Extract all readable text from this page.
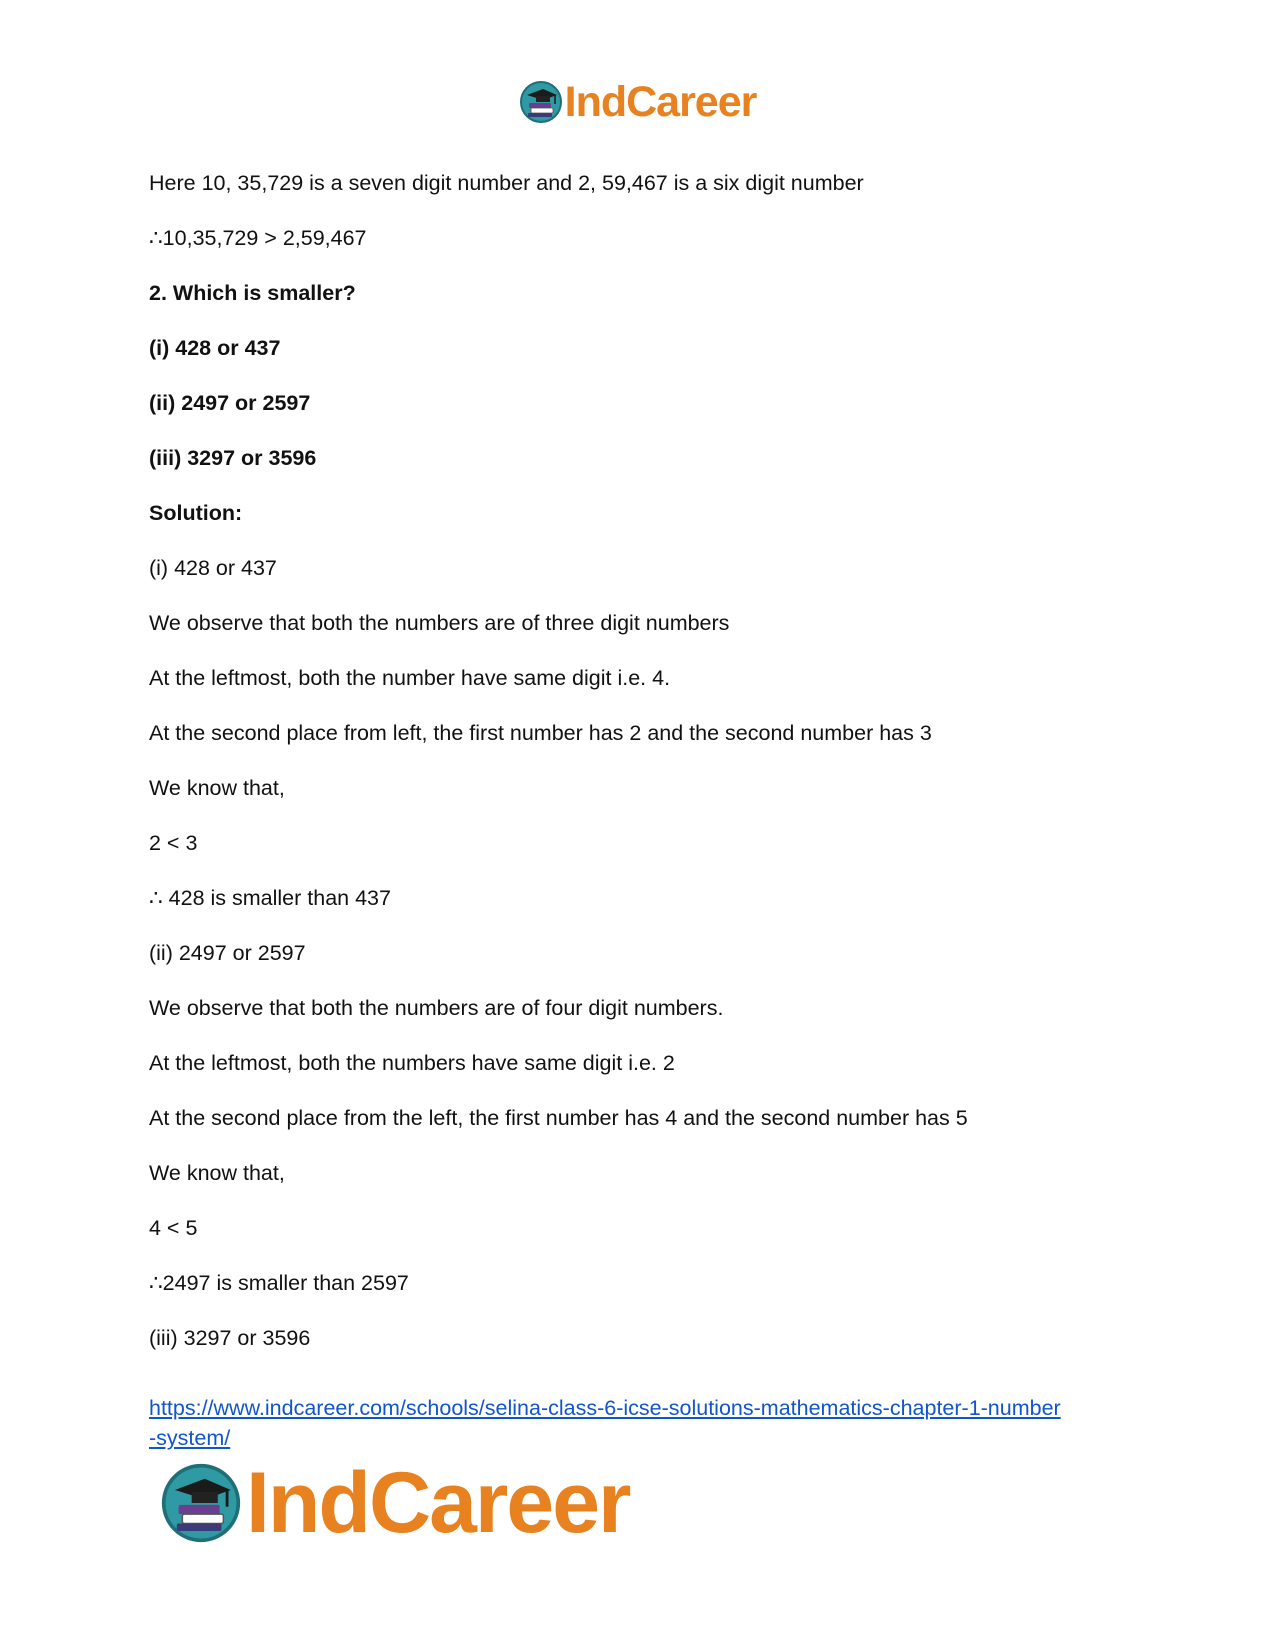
IndCareer
Here 10, 35,729 is a seven digit number and 2, 59,467 is a six digit number
∴10,35,729 > 2,59,467
2. Which is smaller?
(i) 428 or 437
(ii) 2497 or 2597
(iii) 3297 or 3596
Solution:
(i) 428 or 437
We observe that both the numbers are of three digit numbers
At the leftmost, both the number have same digit i.e. 4.
At the second place from left, the first number has 2 and the second number has 3
We know that,
2 < 3
∴ 428 is smaller than 437
(ii) 2497 or 2597
We observe that both the numbers are of four digit numbers.
At the leftmost, both the numbers have same digit i.e. 2
At the second place from the left, the first number has 4 and the second number has 5
We know that,
4 < 5
∴2497 is smaller than 2597
(iii) 3297 or 3596
https://www.indcareer.com/schools/selina-class-6-icse-solutions-mathematics-chapter-1-number
-system/
IndCareer
